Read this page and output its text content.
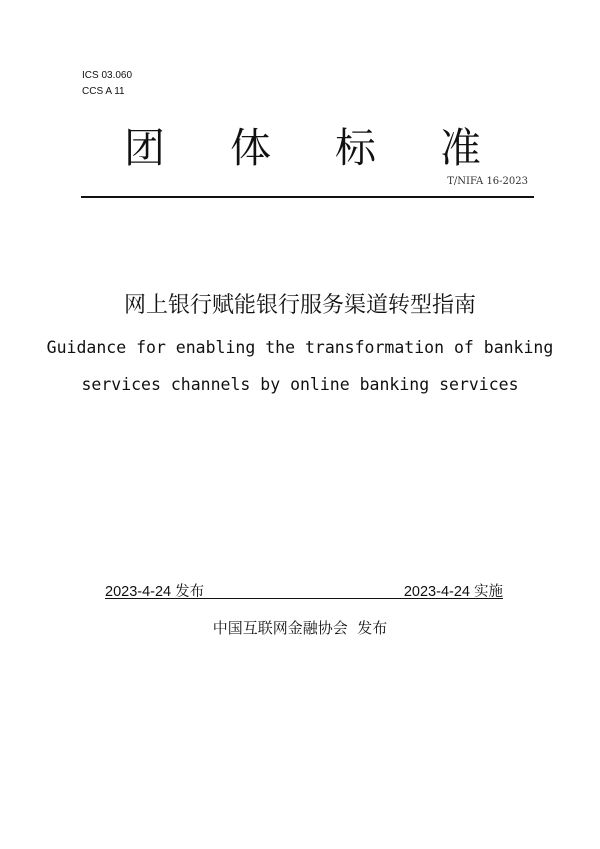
ICS 03.060
CCS A 11
团 体 标 准
T/NIFA 16-2023
网上银行赋能银行服务渠道转型指南
Guidance for enabling the transformation of banking
services channels by online banking services
2023-4-24 发布	2023-4-24 实施
中国互联网金融协会  发布
